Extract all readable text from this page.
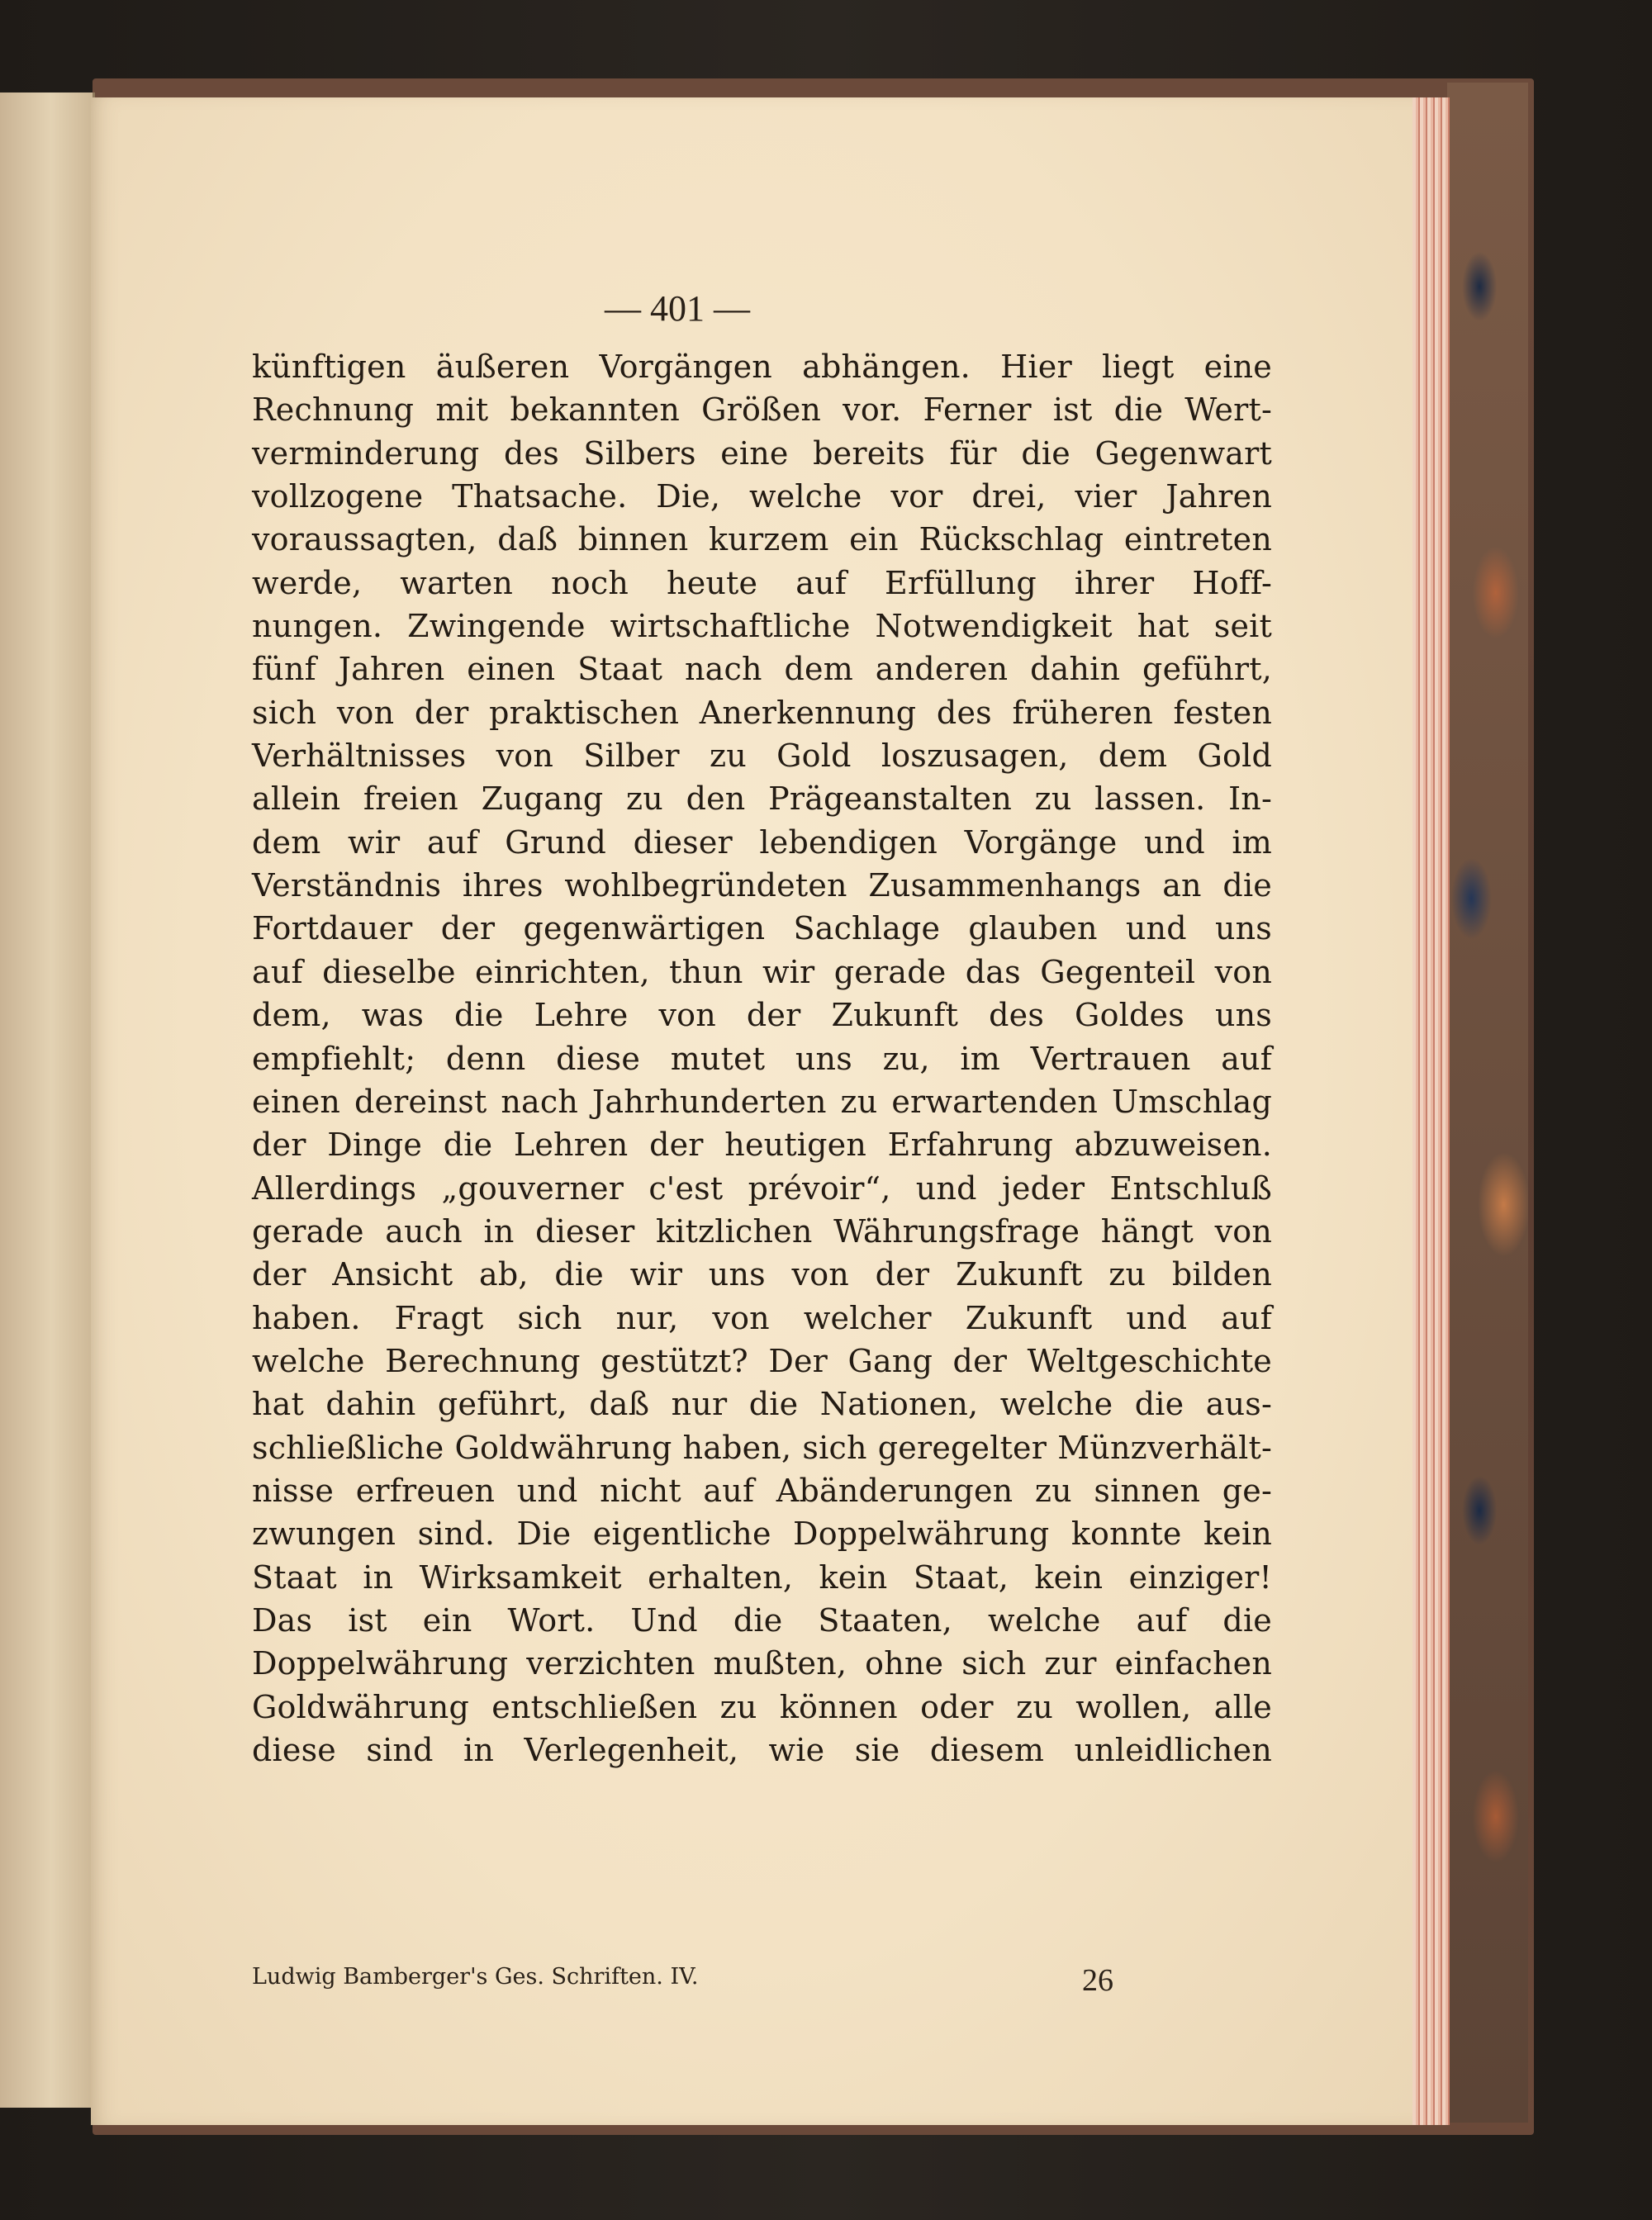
— 401 —
künftigen äußeren Vorgängen abhängen. Hier liegt eine
Rechnung mit bekannten Größen vor. Ferner ist die Wert-
verminderung des Silbers eine bereits für die Gegenwart
vollzogene Thatsache. Die, welche vor drei, vier Jahren
voraussagten, daß binnen kurzem ein Rückschlag eintreten
werde, warten noch heute auf Erfüllung ihrer Hoff-
nungen. Zwingende wirtschaftliche Notwendigkeit hat seit
fünf Jahren einen Staat nach dem anderen dahin geführt,
sich von der praktischen Anerkennung des früheren festen
Verhältnisses von Silber zu Gold loszusagen, dem Gold
allein freien Zugang zu den Prägeanstalten zu lassen. In-
dem wir auf Grund dieser lebendigen Vorgänge und im
Verständnis ihres wohlbegründeten Zusammenhangs an die
Fortdauer der gegenwärtigen Sachlage glauben und uns
auf dieselbe einrichten, thun wir gerade das Gegenteil von
dem, was die Lehre von der Zukunft des Goldes uns
empfiehlt; denn diese mutet uns zu, im Vertrauen auf
einen dereinst nach Jahrhunderten zu erwartenden Umschlag
der Dinge die Lehren der heutigen Erfahrung abzuweisen.
Allerdings „gouverner c'est prévoir“, und jeder Entschluß
gerade auch in dieser kitzlichen Währungsfrage hängt von
der Ansicht ab, die wir uns von der Zukunft zu bilden
haben. Fragt sich nur, von welcher Zukunft und auf
welche Berechnung gestützt? Der Gang der Weltgeschichte
hat dahin geführt, daß nur die Nationen, welche die aus-
schließliche Goldwährung haben, sich geregelter Münzverhält-
nisse erfreuen und nicht auf Abänderungen zu sinnen ge-
zwungen sind. Die eigentliche Doppelwährung konnte kein
Staat in Wirksamkeit erhalten, kein Staat, kein einziger!
Das ist ein Wort. Und die Staaten, welche auf die
Doppelwährung verzichten mußten, ohne sich zur einfachen
Goldwährung entschließen zu können oder zu wollen, alle
diese sind in Verlegenheit, wie sie diesem unleidlichen
Ludwig Bamberger's Ges. Schriften. IV.	26
